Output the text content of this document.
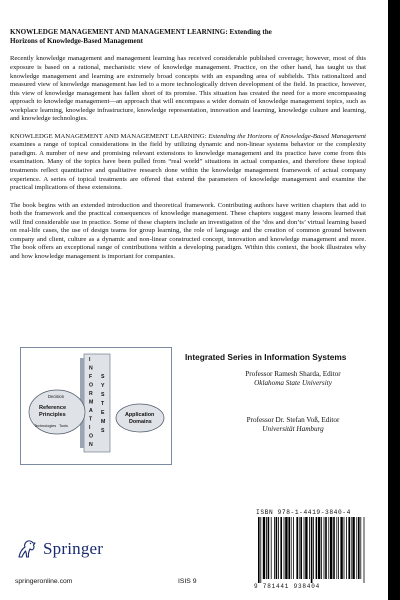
KNOWLEDGE MANAGEMENT AND MANAGEMENT LEARNING: Extending the
Horizons of Knowledge-Based Management

Recently knowledge management and management learning has received considerable published coverage; however, most of this exposure is based on a rational, mechanistic view of knowledge management. Practice, on the other hand, has taught us that knowledge management and learning are extremely broad concepts with an expanding area of subfields. This rationalized and measured view of knowledge management has led to a more technologically driven development of the field. In practice, however, this view of knowledge management has fallen short of its promise. This situation has created the need for a more encompassing approach to knowledge management—an approach that will encompass a wider domain of knowledge management topics, such as workplace learning, knowledge infrastructure, knowledge representation, innovation and learning, knowledge culture and learning, and knowledge technologies.

KNOWLEDGE MANAGEMENT AND MANAGEMENT LEARNING: Extending the Horizons of Knowledge-Based Management examines a range of topical considerations in the field by utilizing dynamic and non-linear systems behavior or the complexity paradigm. A number of new and promising relevant extensions to knowledge management and its practice have come from this examination. Many of the topics have been pulled from “real world” situations in actual companies, and therefore these topical treatments reflect quantitative and qualitative research done within the knowledge management framework of actual company experience. A series of topical treatments are offered that extend the parameters of knowledge management and examine the practical implications of these extensions.

The book begins with an extended introduction and theoretical framework. Contributing authors have written chapters that add to both the framework and the practical consequences of knowledge management. These chapters suggest many lessons learned that will find considerable use in practice. Some of these chapters include an investigation of the ‘dos and don’ts’ virtual learning based on real-life cases, the use of design teams for group learning, the role of language and the creation of common ground between company and client, culture as a dynamic and non-linear constructed concept, innovation and knowledge management and more. The book offers an exceptional range of contributions within a developing paradigm. Within this context, the book illustrates why and how knowledge management is important for companies.

I
N
F
O
R
M
A
T
I
O
N
S
Y
S
T
E
M
S
Decision
Reference
Principles
Technologies Tools
Application
Domains
Integrated Series in Information Systems
Professor Ramesh Sharda, Editor
Oklahoma State University
Professor Dr. Stefan Voß, Editor
Universität Hamburg
Springer
springeronline.com	ISIS 9
ISBN 978-1-4419-3840-4
9 781441 938404
